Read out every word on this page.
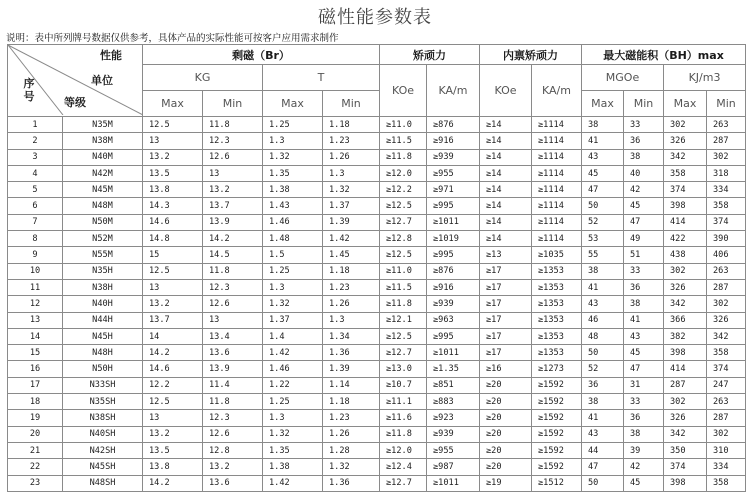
磁性能参数表
说明：表中所列牌号数据仅供参考，具体产品的实际性能可按客户应用需求制作
性能
单位
等级
序号		剩磁（Br）				矫顽力		内禀矫顽力		最大磁能积（BH）max			
		KG		T		KOe	KA/m	KOe	KA/m	MGOe		KJ/m3	
		Max	Min	Max	Min					Max	Min	Max	Min
1	N35M	12.5	11.8	1.25	1.18	≥11.0	≥876	≥14	≥1114	38	33	302	263
2	N38M	13	12.3	1.3	1.23	≥11.5	≥916	≥14	≥1114	41	36	326	287
3	N40M	13.2	12.6	1.32	1.26	≥11.8	≥939	≥14	≥1114	43	38	342	302
4	N42M	13.5	13	1.35	1.3	≥12.0	≥955	≥14	≥1114	45	40	358	318
5	N45M	13.8	13.2	1.38	1.32	≥12.2	≥971	≥14	≥1114	47	42	374	334
6	N48M	14.3	13.7	1.43	1.37	≥12.5	≥995	≥14	≥1114	50	45	398	358
7	N50M	14.6	13.9	1.46	1.39	≥12.7	≥1011	≥14	≥1114	52	47	414	374
8	N52M	14.8	14.2	1.48	1.42	≥12.8	≥1019	≥14	≥1114	53	49	422	390
9	N55M	15	14.5	1.5	1.45	≥12.5	≥995	≥13	≥1035	55	51	438	406
10	N35H	12.5	11.8	1.25	1.18	≥11.0	≥876	≥17	≥1353	38	33	302	263
11	N38H	13	12.3	1.3	1.23	≥11.5	≥916	≥17	≥1353	41	36	326	287
12	N40H	13.2	12.6	1.32	1.26	≥11.8	≥939	≥17	≥1353	43	38	342	302
13	N44H	13.7	13	1.37	1.3	≥12.1	≥963	≥17	≥1353	46	41	366	326
14	N45H	14	13.4	1.4	1.34	≥12.5	≥995	≥17	≥1353	48	43	382	342
15	N48H	14.2	13.6	1.42	1.36	≥12.7	≥1011	≥17	≥1353	50	45	398	358
16	N50H	14.6	13.9	1.46	1.39	≥13.0	≥1.35	≥16	≥1273	52	47	414	374
17	N33SH	12.2	11.4	1.22	1.14	≥10.7	≥851	≥20	≥1592	36	31	287	247
18	N35SH	12.5	11.8	1.25	1.18	≥11.1	≥883	≥20	≥1592	38	33	302	263
19	N38SH	13	12.3	1.3	1.23	≥11.6	≥923	≥20	≥1592	41	36	326	287
20	N40SH	13.2	12.6	1.32	1.26	≥11.8	≥939	≥20	≥1592	43	38	342	302
21	N42SH	13.5	12.8	1.35	1.28	≥12.0	≥955	≥20	≥1592	44	39	350	310
22	N45SH	13.8	13.2	1.38	1.32	≥12.4	≥987	≥20	≥1592	47	42	374	334
23	N48SH	14.2	13.6	1.42	1.36	≥12.7	≥1011	≥19	≥1512	50	45	398	358
